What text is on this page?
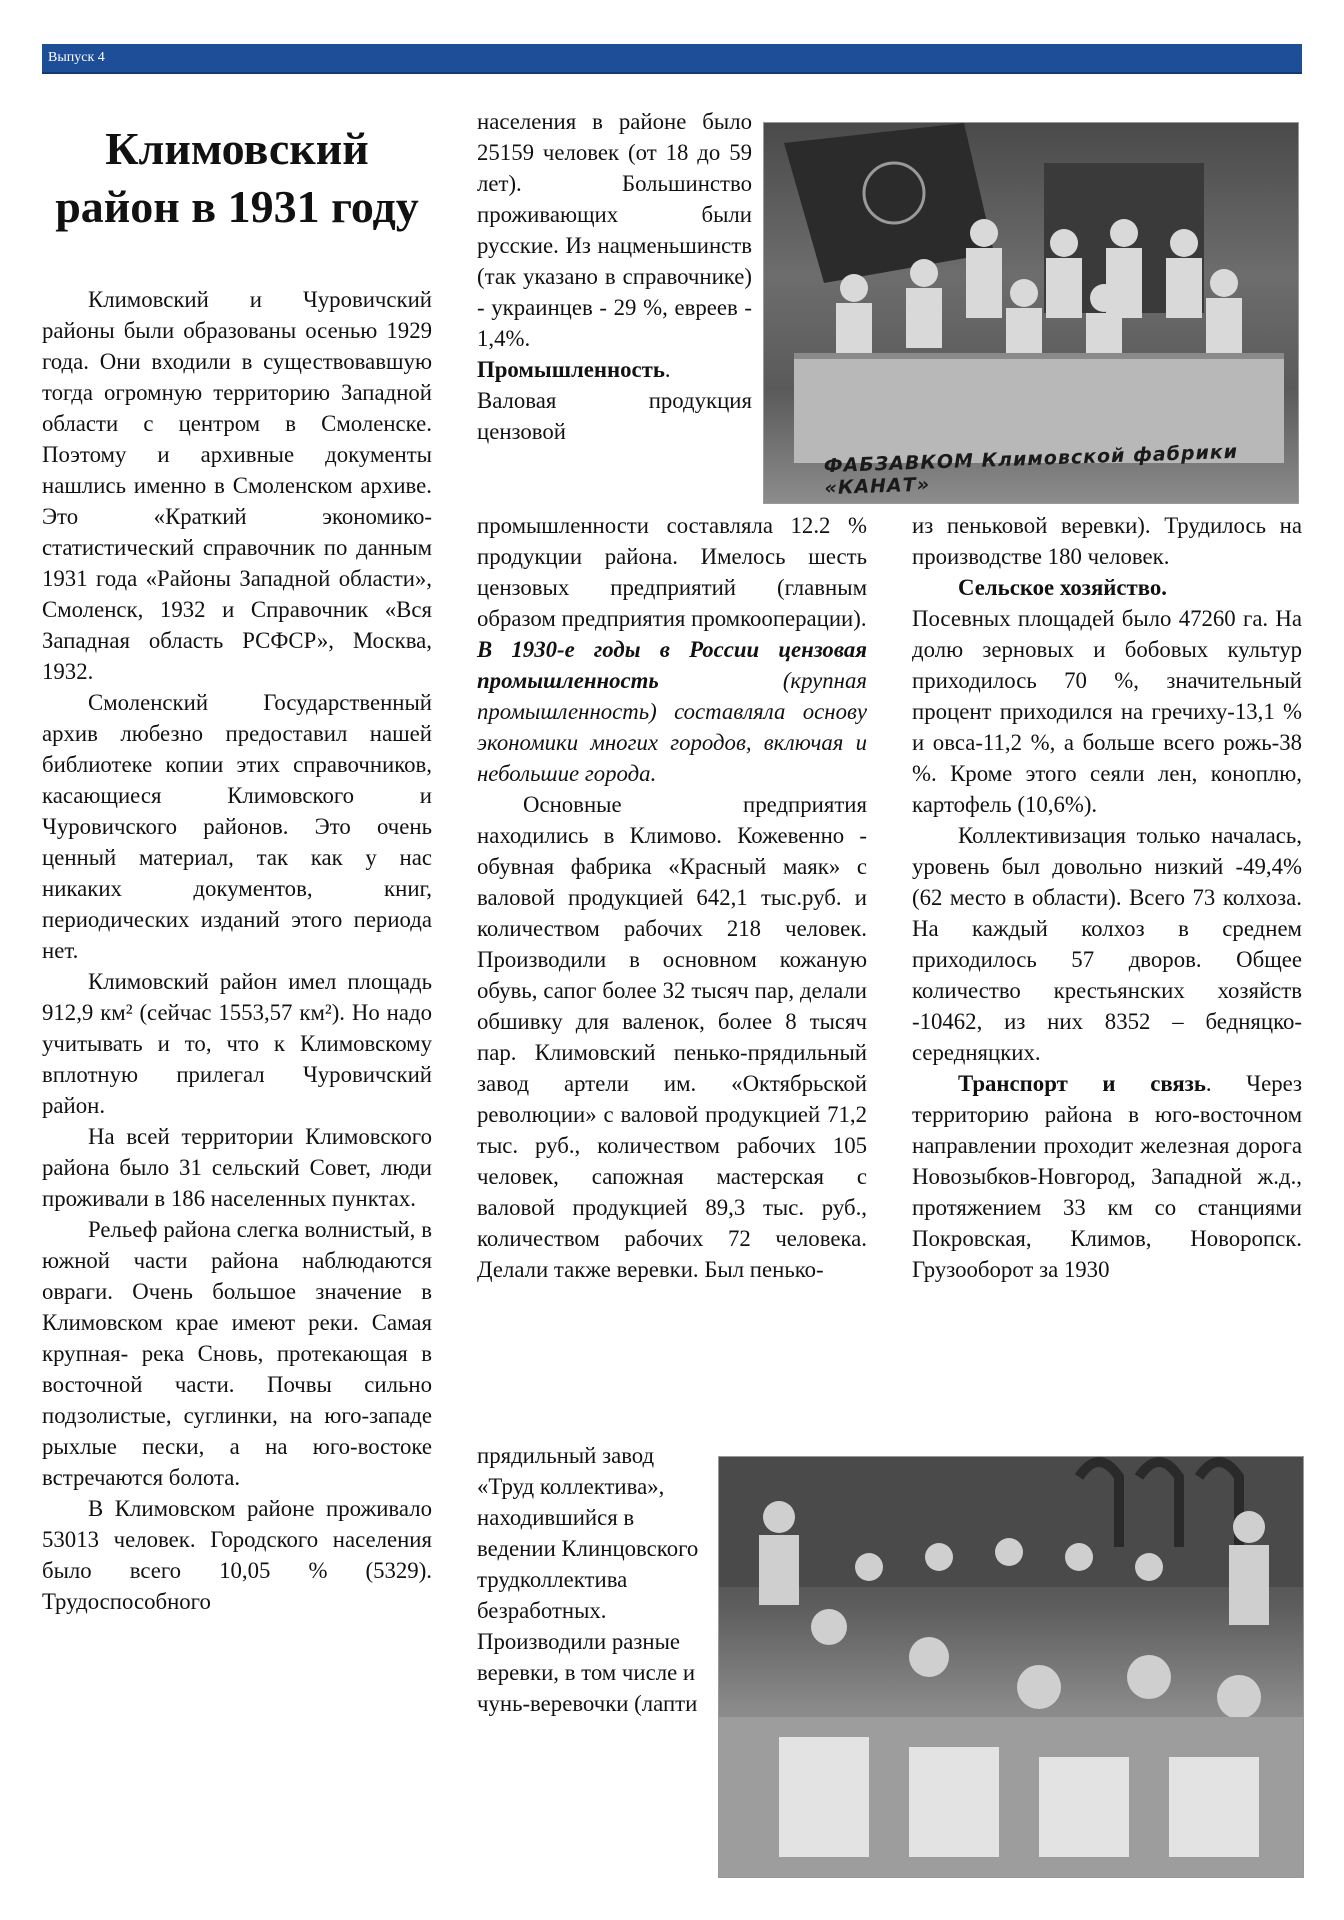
Выпуск 4
Климовский
район в 1931 году

Климовский и Чуровичский районы были образованы осенью 1929 года. Они входили в существовавшую тогда огромную территорию Западной области с центром в Смоленске. Поэтому и архивные документы нашлись именно в Смоленском архиве. Это «Краткий экономико-статистический справочник по данным 1931 года «Районы Западной области», Смоленск, 1932 и Справочник «Вся Западная область РСФСР», Москва, 1932.

Смоленский Государственный архив любезно предоставил нашей библиотеке копии этих справочников, касающиеся Климовского и Чуровичского районов. Это очень ценный материал, так как у нас никаких документов, книг, периодических изданий этого периода нет.

Климовский район имел площадь 912,9 км² (сейчас 1553,57 км²). Но надо учитывать и то, что к Климовскому вплотную прилегал Чуровичский район.

На всей территории Климовского района было 31 сельский Совет, люди проживали в 186 населенных пунктах.

Рельеф района слегка волнистый, в южной части района наблюдаются овраги. Очень большое значение в Климовском крае имеют реки. Самая крупная- река Сновь, протекающая в восточной части. Почвы сильно подзолистые, суглинки, на юго-западе рыхлые пески, а на юго-востоке встречаются болота.

В Климовском районе проживало 53013 человек. Городского населения было всего 10,05 % (5329). Трудоспособного

населения в районе было 25159 человек (от 18 до 59 лет). Большинство проживающих были русские. Из нацменьшинств (так указано в справочнике) - украинцев - 29 %, евреев - 1,4%.

Промышленность.

Валовая продукция цензовой

ФАБЗАВКОМ Климовской фабрики «КАНАТ»

промышленности составляла 12.2 % продукции района. Имелось шесть цензовых предприятий (главным образом предприятия промкооперации).

В 1930-е годы в России цензовая промышленность	(крупная промышленность) составляла основу экономики многих городов, включая и небольшие города.

Основные предприятия находились в Климово. Кожевенно - обувная фабрика «Красный маяк» с валовой продукцией 642,1 тыс.руб. и количеством рабочих 218 человек. Производили в основном кожаную обувь, сапог более 32 тысяч пар, делали обшивку для валенок, более 8 тысяч пар. Климовский пенько-прядильный завод артели им. «Октябрьской революции» с валовой продукцией 71,2 тыс. руб., количеством рабочих 105 человек, сапожная мастерская с валовой продукцией 89,3 тыс. руб., количеством рабочих 72 человека. Делали также веревки. Был пенько-

прядильный завод «Труд коллектива», находившийся в ведении Клинцовского трудколлектива безработных. Производили разные веревки, в том числе и чунь-веревочки (лапти

из пеньковой веревки). Трудилось на производстве 180 человек.

Сельское хозяйство.

Посевных площадей было 47260 га. На долю зерновых и бобовых культур приходилось 70 %, значительный процент приходился на гречиху-13,1 % и овса-11,2 %, а больше всего рожь-38 %. Кроме этого сеяли лен, коноплю, картофель (10,6%).

Коллективизация только началась, уровень был довольно низкий -49,4% (62 место в области). Всего 73 колхоза. На каждый колхоз в среднем приходилось 57 дворов. Общее количество крестьянских хозяйств -10462, из них 8352 – бедняцко-середняцких.

Транспорт и связь. Через территорию района в юго-восточном направлении проходит железная дорога Новозыбков-Новгород, Западной ж.д., протяжением 33 км со станциями Покровская, Климов, Новоропск. Грузооборот за 1930
